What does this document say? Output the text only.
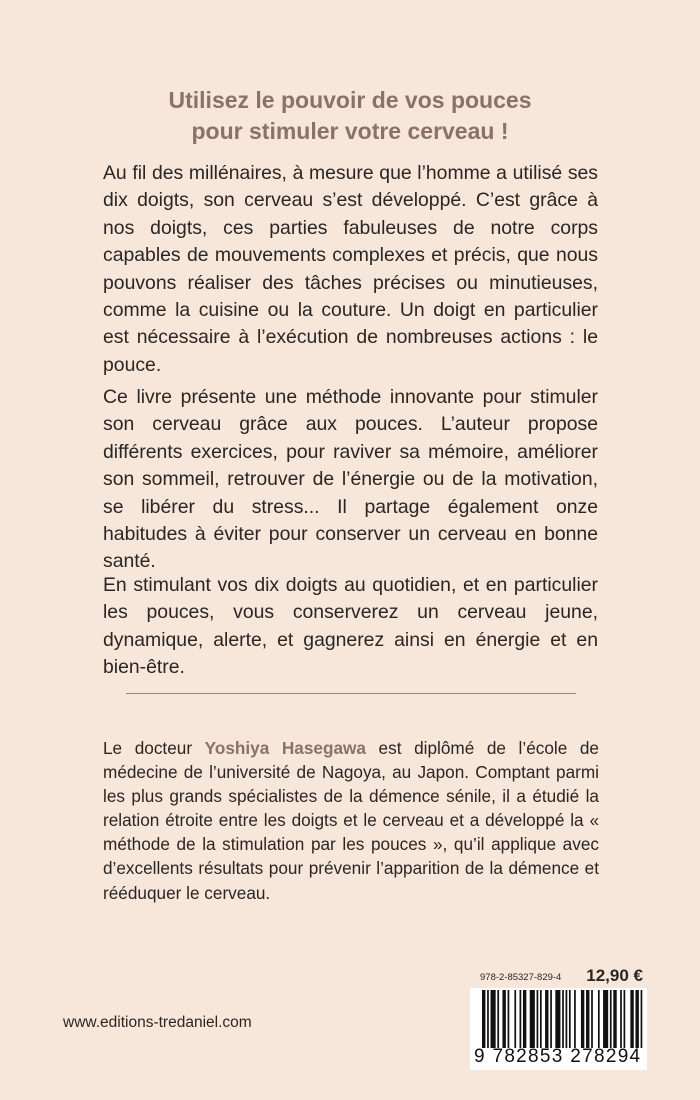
Utilisez le pouvoir de vos pouces
pour stimuler votre cerveau !

Au fil des millénaires, à mesure que l’homme a utilisé ses dix doigts, son cerveau s’est développé. C’est grâce à nos doigts, ces parties fabuleuses de notre corps capables de mouvements complexes et précis, que nous pouvons réaliser des tâches précises ou minutieuses, comme la cuisine ou la couture. Un doigt en particulier est nécessaire à l’exécution de nombreuses actions : le pouce.

Ce livre présente une méthode innovante pour stimuler son cerveau grâce aux pouces. L’auteur propose différents exercices, pour raviver sa mémoire, améliorer son sommeil, retrouver de l’énergie ou de la motivation, se libérer du stress... Il partage également onze habitudes à éviter pour conserver un cerveau en bonne santé.

En stimulant vos dix doigts au quotidien, et en particulier les pouces, vous conserverez un cerveau jeune, dynamique, alerte, et gagnerez ainsi en énergie et en bien-être.

Le docteur Yoshiya Hasegawa est diplômé de l’école de médecine de l’université de Nagoya, au Japon. Comptant parmi les plus grands spécialistes de la démence sénile, il a étudié la relation étroite entre les doigts et le cerveau et a développé la « méthode de la stimulation par les pouces », qu’il applique avec d’excellents résultats pour prévenir l’apparition de la démence et rééduquer le cerveau.

www.editions-tredaniel.com
978-2-85327-829-4 12,90 €
9 782853 278294
